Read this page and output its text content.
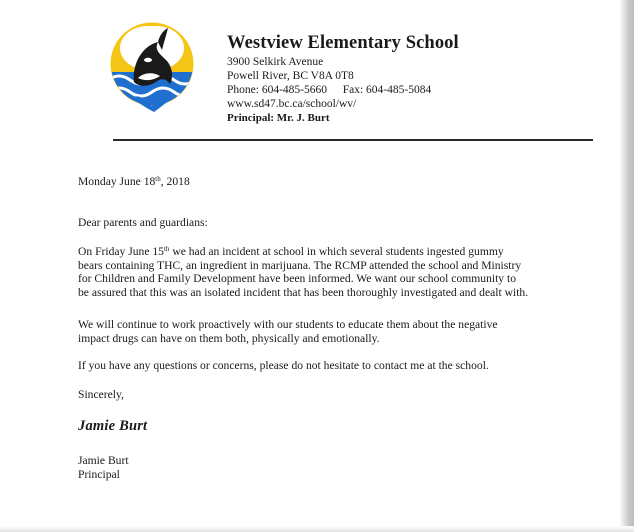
Westview Elementary School
3900 Selkirk Avenue
Powell River, BC V8A 0T8
Phone: 604-485-5660 Fax: 604-485-5084
www.sd47.bc.ca/school/wv/
Principal: Mr. J. Burt

Monday June 18th, 2018

Dear parents and guardians:

On Friday June 15th we had an incident at school in which several students ingested gummy
bears containing THC, an ingredient in marijuana. The RCMP attended the school and Ministry
for Children and Family Development have been informed. We want our school community to
be assured that this was an isolated incident that has been thoroughly investigated and dealt with.

We will continue to work proactively with our students to educate them about the negative
impact drugs can have on them both, physically and emotionally.

If you have any questions or concerns, please do not hesitate to contact me at the school.

Sincerely,

Jamie Burt

Jamie Burt

Principal
